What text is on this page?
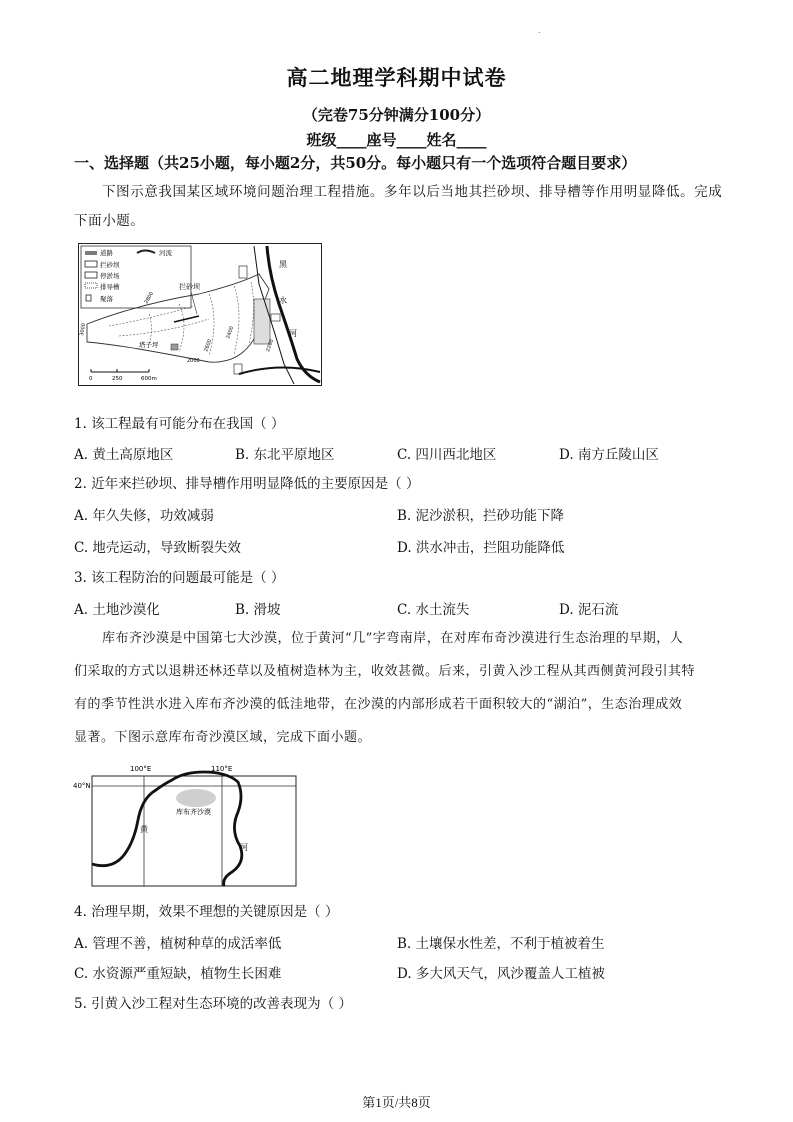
.
高二地理学科期中试卷
（完卷75分钟满分100分）
班级____座号____姓名____
一、选择题（共25小题，每小题2分，共50分。每小题只有一个选项符合题目要求）
下图示意我国某区域环境问题治理工程措施。多年以后当地其拦砂坝、排导槽等作用明显降低。完成
下面小题。
道路	河流
拦砂坝
停淤场
排导槽
聚落
拦砂坝
塔子坪
黑
水
河
3000
2800
2600
2400
2200
2000
0	250	600m
1. 该工程最有可能分布在我国（ ）
A. 黄土高原地区	B. 东北平原地区	C. 四川西北地区	D. 南方丘陵山区
2. 近年来拦砂坝、排导槽作用明显降低的主要原因是（ ）
A. 年久失修，功效减弱	B. 泥沙淤积，拦砂功能下降
C. 地壳运动，导致断裂失效	D. 洪水冲击，拦阻功能降低
3. 该工程防治的问题最可能是（ ）
A. 土地沙漠化	B. 滑坡	C. 水土流失	D. 泥石流
库布齐沙漠是中国第七大沙漠，位于黄河“几”字弯南岸，在对库布奇沙漠进行生态治理的早期，人
们采取的方式以退耕还林还草以及植树造林为主，收效甚微。后来，引黄入沙工程从其西侧黄河段引其特
有的季节性洪水进入库布齐沙漠的低洼地带，在沙漠的内部形成若干面积较大的“湖泊”，生态治理成效
显著。下图示意库布奇沙漠区域，完成下面小题。
100°E	110°E
40°N
库布齐沙漠
黄
河
4. 治理早期，效果不理想的关键原因是（ ）
A. 管理不善，植树种草的成活率低	B. 土壤保水性差，不利于植被着生
C. 水资源严重短缺，植物生长困难	D. 多大风天气，风沙覆盖人工植被
5. 引黄入沙工程对生态环境的改善表现为（ ）
第1页/共8页
